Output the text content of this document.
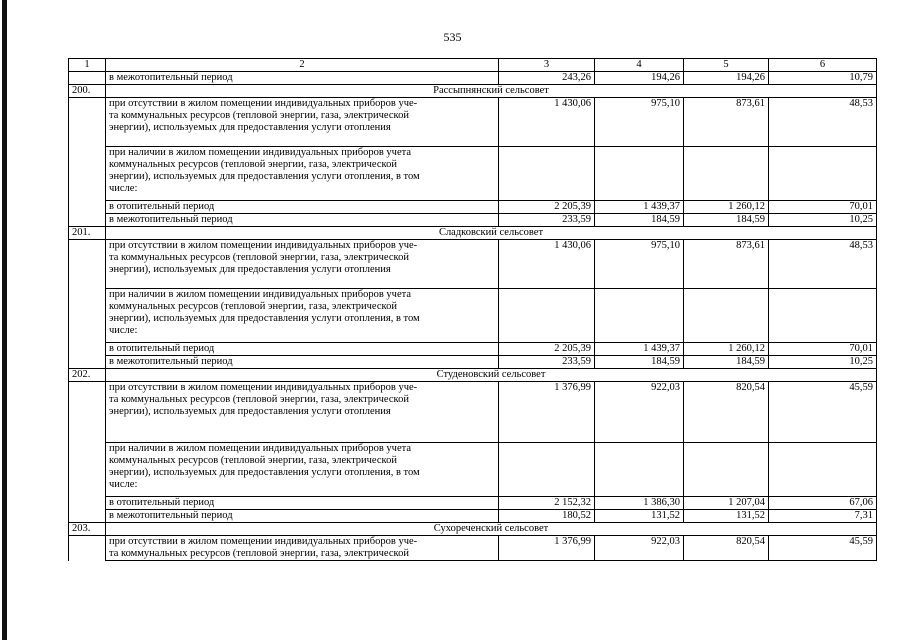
535
1	2	3	4	5	6
	в межотопительный период	243,26	194,26	194,26	10,79
200.	Рассыпнянский сельсовет				

	при отсутствии в жилом помещении индивидуальных приборов уче-
та коммунальных ресурсов (тепловой энергии, газа, электрической
энергии), используемых для предоставления услуги отопления	1 430,06	975,10	873,61	48,53

	при наличии в жилом помещении индивидуальных приборов учета
коммунальных ресурсов (тепловой энергии, газа, электрической
энергии), используемых для предоставления услуги отопления, в том
числе:				

	в отопительный период	2 205,39	1 439,37	1 260,12	70,01
	в межотопительный период	233,59	184,59	184,59	10,25
201.	Сладковский сельсовет				

	при отсутствии в жилом помещении индивидуальных приборов уче-
та коммунальных ресурсов (тепловой энергии, газа, электрической
энергии), используемых для предоставления услуги отопления	1 430,06	975,10	873,61	48,53

	при наличии в жилом помещении индивидуальных приборов учета
коммунальных ресурсов (тепловой энергии, газа, электрической
энергии), используемых для предоставления услуги отопления, в том
числе:				

	в отопительный период	2 205,39	1 439,37	1 260,12	70,01
	в межотопительный период	233,59	184,59	184,59	10,25
202.	Студеновский сельсовет				

	при отсутствии в жилом помещении индивидуальных приборов уче-
та коммунальных ресурсов (тепловой энергии, газа, электрической
энергии), используемых для предоставления услуги отопления	1 376,99	922,03	820,54	45,59

	при наличии в жилом помещении индивидуальных приборов учета
коммунальных ресурсов (тепловой энергии, газа, электрической
энергии), используемых для предоставления услуги отопления, в том
числе:				

	в отопительный период	2 152,32	1 386,30	1 207,04	67,06
	в межотопительный период	180,52	131,52	131,52	7,31
203.	Сухореченский сельсовет				

	при отсутствии в жилом помещении индивидуальных приборов уче-
та коммунальных ресурсов (тепловой энергии, газа, электрической	1 376,99	922,03	820,54	45,59
